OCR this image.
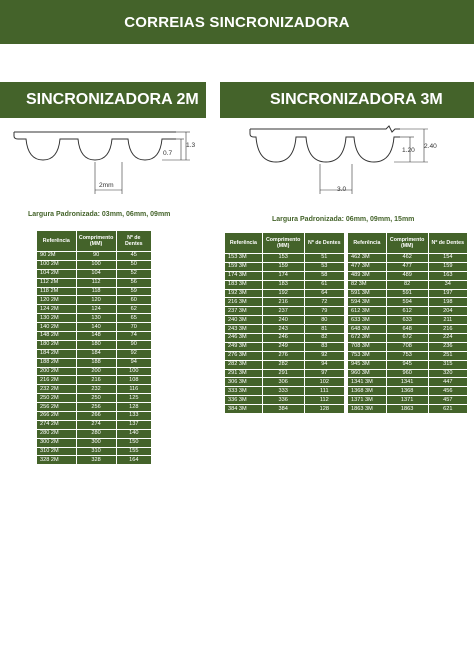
CORREIAS SINCRONIZADORA
SINCRONIZADORA 2M	SINCRONIZADORA 3M
1.3
0.7
2mm
2.40
1.20
3.0
Largura Padronizada: 03mm, 06mm, 09mm
Largura Padronizada: 06mm, 09mm, 15mm
Referência	Comprimento (MM)	Nº de Dentes
90 2M	90	45
100 2M	100	50
104 2M	104	52
112 2M	112	56
118 2M	118	59
120 2M	120	60
124 2M	124	62
130 2M	130	65
140 2M	140	70
148 2M	148	74
180 2M	180	90
184 2M	184	92
188 2M	188	94
200 2M	200	100
216 2M	216	108
232 2M	232	116
250 2M	250	125
256 2M	256	128
266 2M	266	133
274 2M	274	137
280 2M	280	140
300 2M	300	150
310 2M	310	155
328 2M	328	164
Referência	Comprimento (MM)	Nº de Dentes
153 3M	153	51
159 3M	159	53
174 3M	174	58
183 3M	183	61
192 3M	192	64
216 3M	216	72
237 3M	237	79
240 3M	240	80
243 3M	243	81
246 3M	246	82
249 3M	249	83
276 3M	276	92
282 3M	282	94
291 3M	291	97
306 3M	306	102
333 3M	333	111
336 3M	336	112
384 3M	384	128
Referência	Comprimento (MM)	Nº de Dentes
462 3M	462	154
477 3M	477	159
489 3M	489	163
82 3M	82	34
591 3M	591	197
594 3M	594	198
612 3M	612	204
633 3M	633	211
648 3M	648	216
672 3M	672	224
708 3M	708	236
753 3M	753	251
945 3M	945	315
960 3M	960	320
1341 3M	1341	447
1368 3M	1368	456
1371 3M	1371	457
1863 3M	1863	621
